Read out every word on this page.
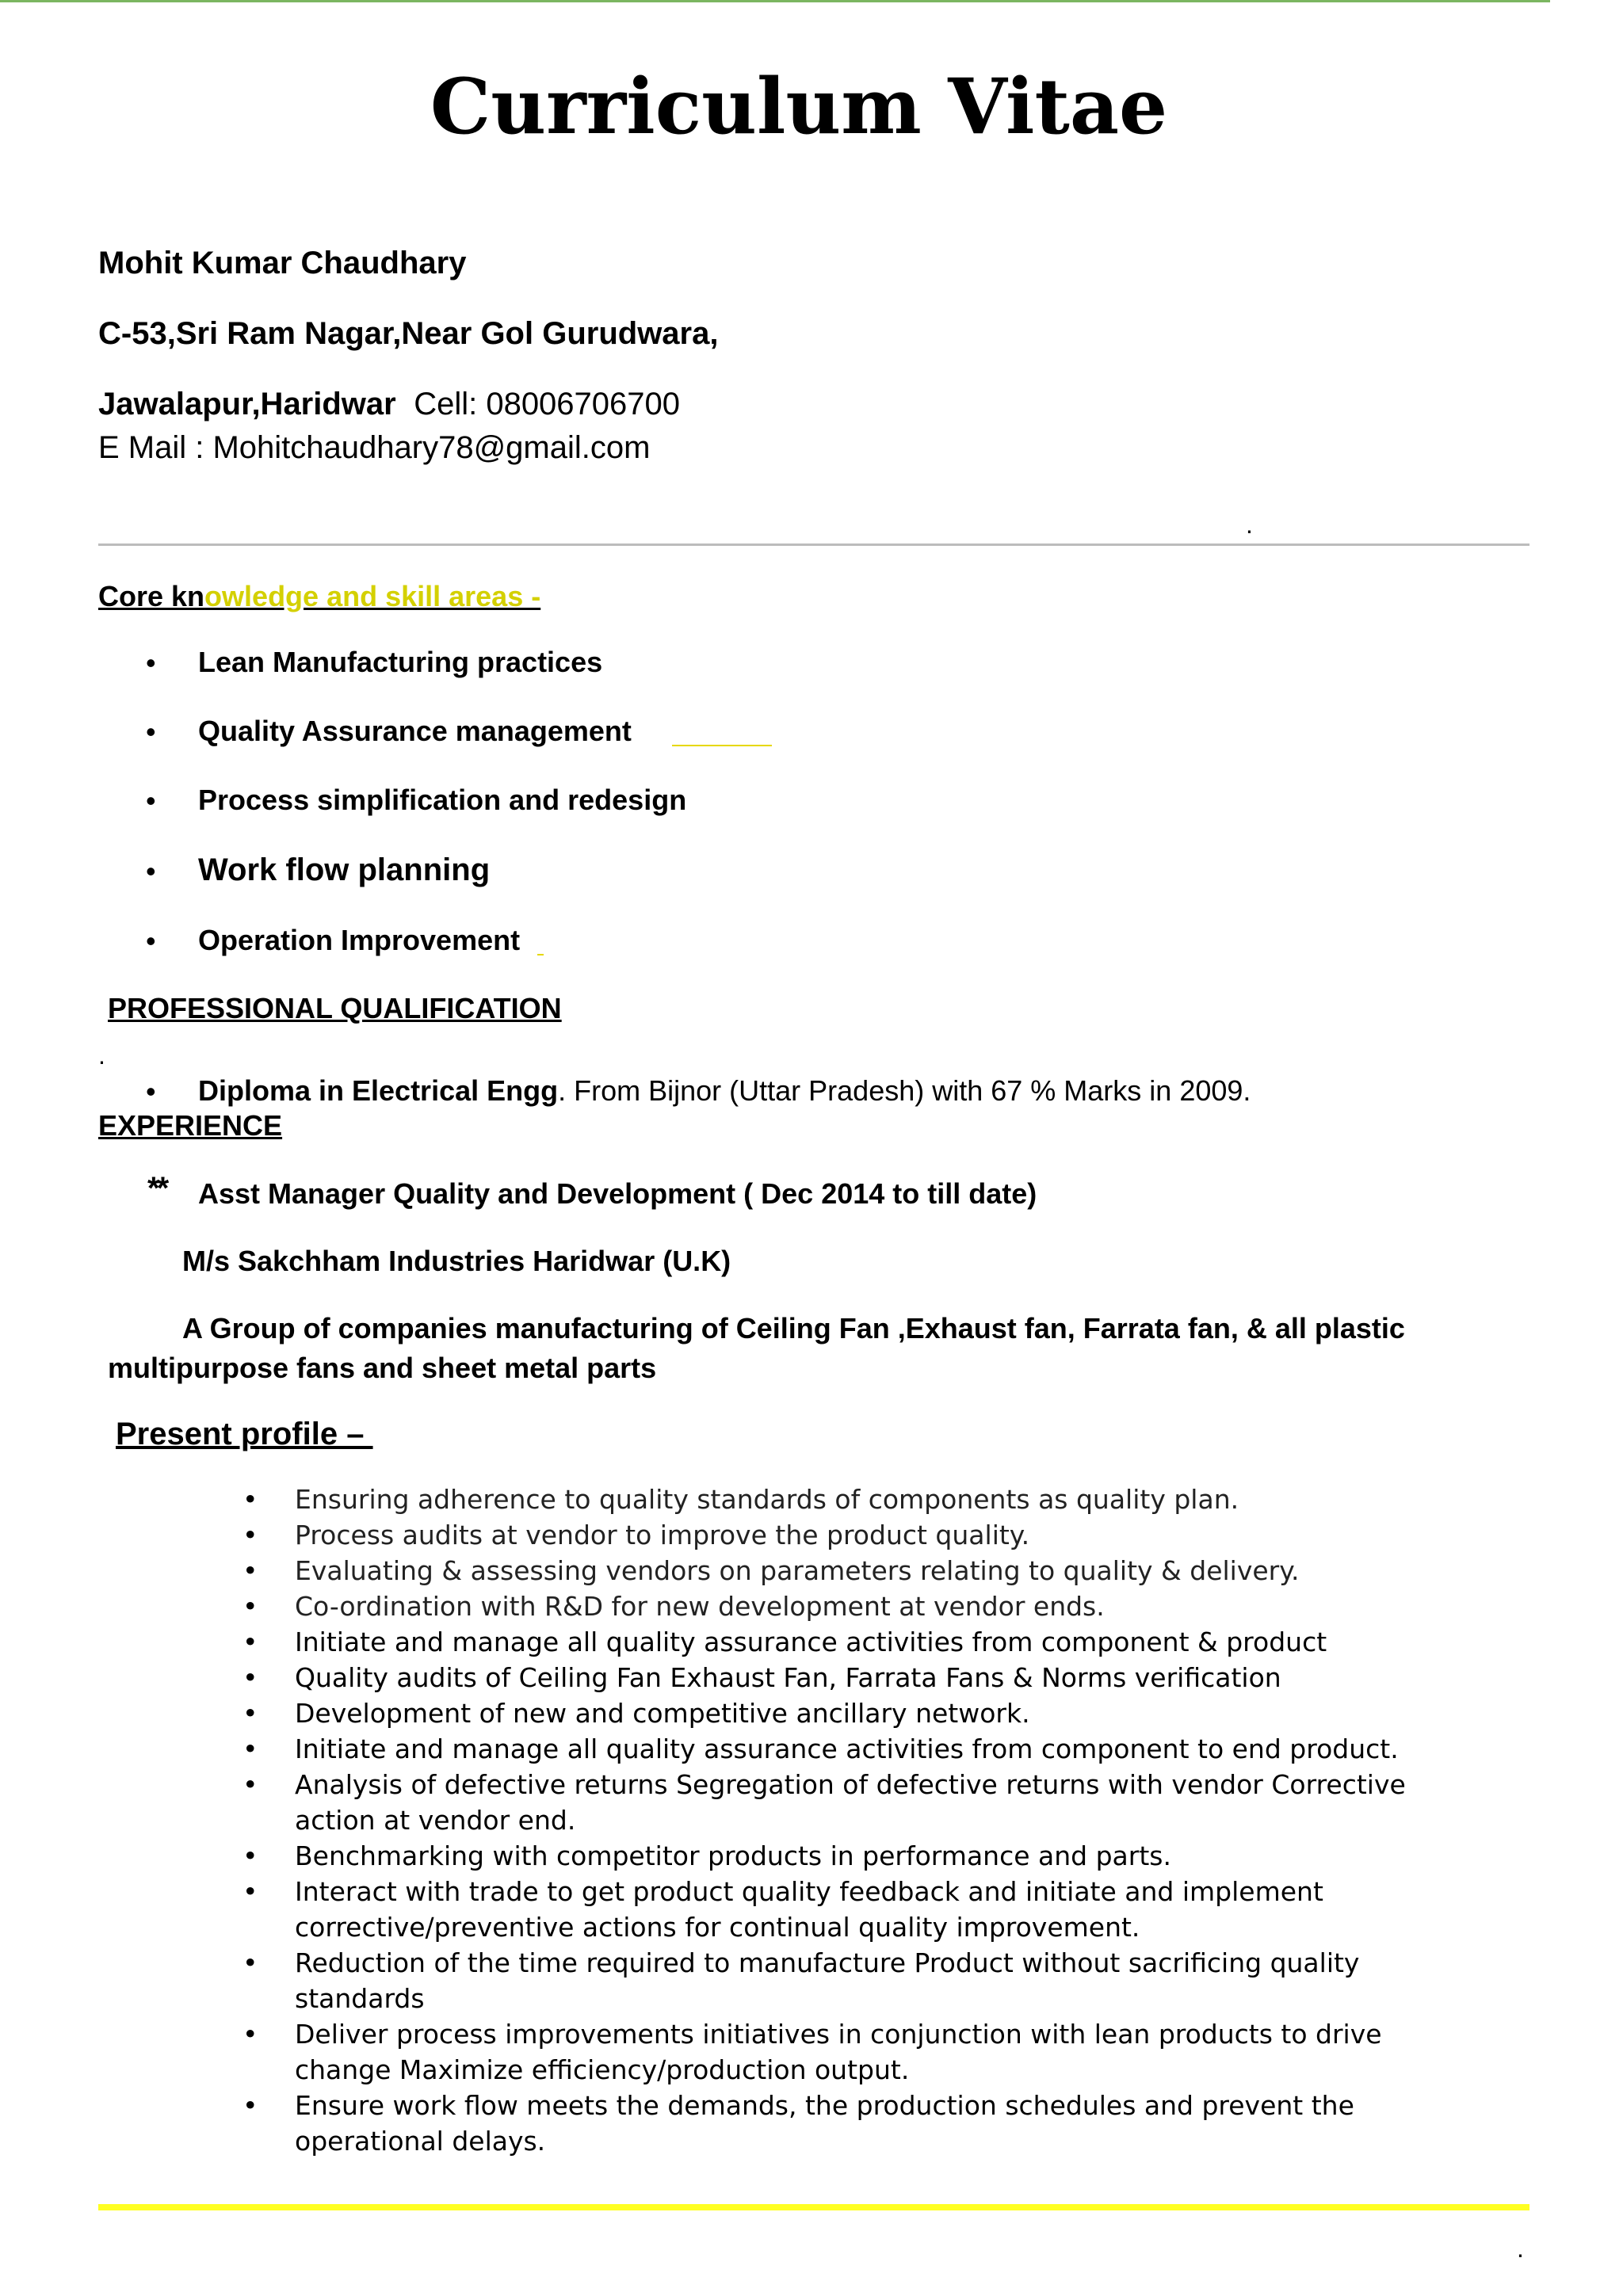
Curriculum Vitae
Mohit Kumar Chaudhary
C-53,Sri Ram Nagar,Near Gol Gurudwara,
Jawalapur,Haridwar Cell: 08006706700
E Mail : Mohitchaudhary78@gmail.com
.
Core knowledge and skill areas -
• Lean Manufacturing practices
• Quality Assurance management
• Process simplification and redesign
• Work flow planning
• Operation Improvement
PROFESSIONAL QUALIFICATION
.
• Diploma in Electrical Engg. From Bijnor (Uttar Pradesh) with 67 % Marks in 2009.
EXPERIENCE
** Asst Manager Quality and Development ( Dec 2014 to till date)
M/s Sakchham Industries Haridwar (U.K)
A Group of companies manufacturing of Ceiling Fan ,Exhaust fan, Farrata fan, & all plastic
multipurpose fans and sheet metal parts
Present profile –
• Ensuring adherence to quality standards of components as quality plan.
• Process audits at vendor to improve the product quality.
• Evaluating & assessing vendors on parameters relating to quality & delivery.
• Co-ordination with R&D for new development at vendor ends.
• Initiate and manage all quality assurance activities from component & product
• Quality audits of Ceiling Fan Exhaust Fan, Farrata Fans & Norms verification
• Development of new and competitive ancillary network.
• Initiate and manage all quality assurance activities from component to end product.
• Analysis of defective returns Segregation of defective returns with vendor Corrective action at vendor end.
• Benchmarking with competitor products in performance and parts.
• Interact with trade to get product quality feedback and initiate and implement corrective/preventive actions for continual quality improvement.
• Reduction of the time required to manufacture Product without sacrificing quality standards
• Deliver process improvements initiatives in conjunction with lean products to drive change Maximize efficiency/production output.
• Ensure work flow meets the demands, the production schedules and prevent the operational delays.
.
